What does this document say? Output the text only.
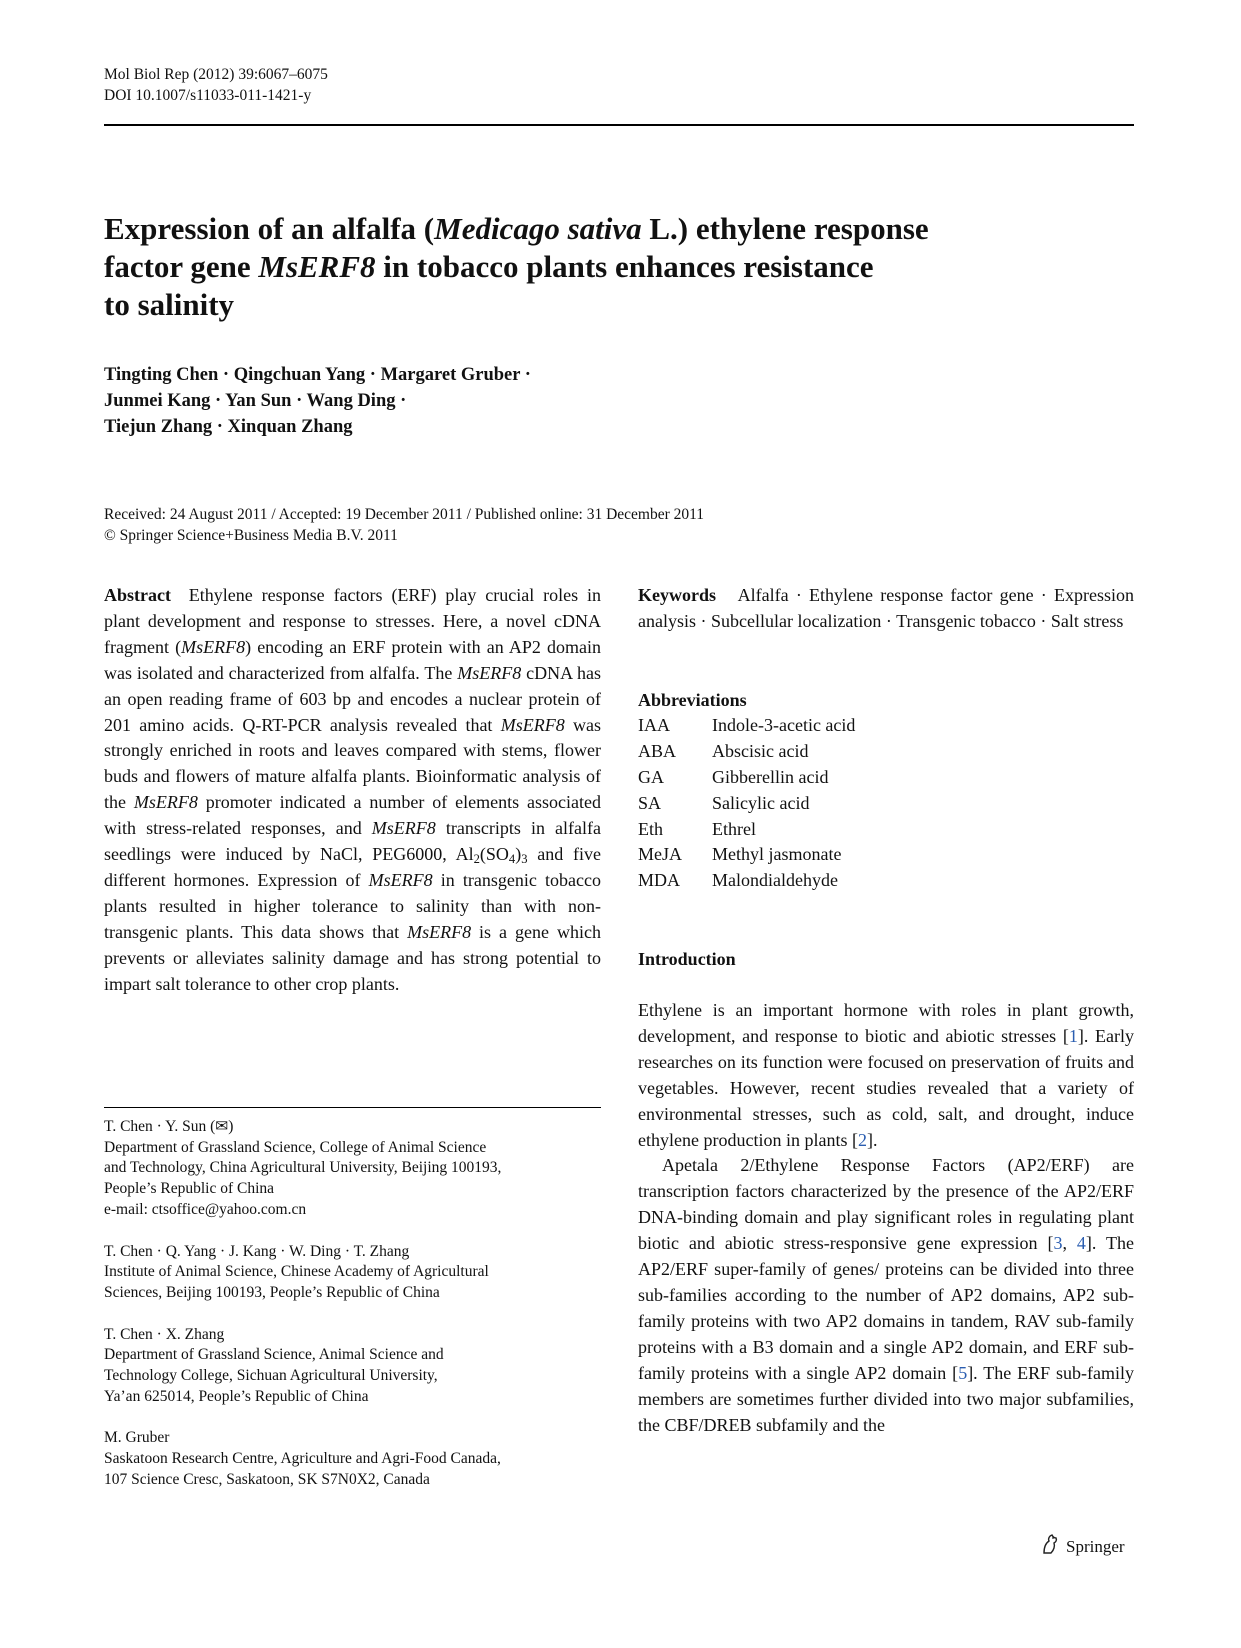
Mol Biol Rep (2012) 39:6067–6075
DOI 10.1007/s11033-011-1421-y
Expression of an alfalfa (Medicago sativa L.) ethylene response
factor gene MsERF8 in tobacco plants enhances resistance
to salinity
Tingting Chen · Qingchuan Yang · Margaret Gruber ·
Junmei Kang · Yan Sun · Wang Ding ·
Tiejun Zhang · Xinquan Zhang
Received: 24 August 2011 / Accepted: 19 December 2011 / Published online: 31 December 2011
© Springer Science+Business Media B.V. 2011
Abstract Ethylene response factors (ERF) play crucial roles in plant development and response to stresses. Here, a novel cDNA fragment (MsERF8) encoding an ERF protein with an AP2 domain was isolated and characterized from alfalfa. The MsERF8 cDNA has an open reading frame of 603 bp and encodes a nuclear protein of 201 amino acids. Q-RT-PCR analysis revealed that MsERF8 was strongly enriched in roots and leaves compared with stems, flower buds and flowers of mature alfalfa plants. Bioinformatic analysis of the MsERF8 promoter indicated a number of elements associated with stress-related responses, and MsERF8 transcripts in alfalfa seedlings were induced by NaCl, PEG6000, $Al_2(SO_4)_3$ and five different hormones. Expression of MsERF8 in transgenic tobacco plants resulted in higher tolerance to salinity than with non-transgenic plants. This data shows that MsERF8 is a gene which prevents or alleviates salinity damage and has strong potential to impart salt tolerance to other crop plants.
Keywords Alfalfa · Ethylene response factor gene · Expression analysis · Subcellular localization · Transgenic tobacco · Salt stress
Abbreviations
IAA	Indole-3-acetic acid
ABA	Abscisic acid
GA	Gibberellin acid
SA	Salicylic acid
Eth	Ethrel
MeJA	Methyl jasmonate
MDA	Malondialdehyde
Introduction

Ethylene is an important hormone with roles in plant growth, development, and response to biotic and abiotic stresses [1]. Early researches on its function were focused on preservation of fruits and vegetables. However, recent studies revealed that a variety of environmental stresses, such as cold, salt, and drought, induce ethylene production in plants [2].

Apetala 2/Ethylene Response Factors (AP2/ERF) are transcription factors characterized by the presence of the AP2/ERF DNA-binding domain and play significant roles in regulating plant biotic and abiotic stress-responsive gene expression [3, 4]. The AP2/ERF super-family of genes/ proteins can be divided into three sub-families according to the number of AP2 domains, AP2 sub-family proteins with two AP2 domains in tandem, RAV sub-family proteins with a B3 domain and a single AP2 domain, and ERF sub-family proteins with a single AP2 domain [5]. The ERF sub-family members are sometimes further divided into two major subfamilies, the CBF/DREB subfamily and the

T. Chen · Y. Sun (✉)
Department of Grassland Science, College of Animal Science
and Technology, China Agricultural University, Beijing 100193,
People’s Republic of China
e-mail: ctsoffice@yahoo.com.cn
T. Chen · Q. Yang · J. Kang · W. Ding · T. Zhang
Institute of Animal Science, Chinese Academy of Agricultural
Sciences, Beijing 100193, People’s Republic of China
T. Chen · X. Zhang
Department of Grassland Science, Animal Science and
Technology College, Sichuan Agricultural University,
Ya’an 625014, People’s Republic of China
M. Gruber
Saskatoon Research Centre, Agriculture and Agri-Food Canada,
107 Science Cresc, Saskatoon, SK S7N0X2, Canada
Springer
